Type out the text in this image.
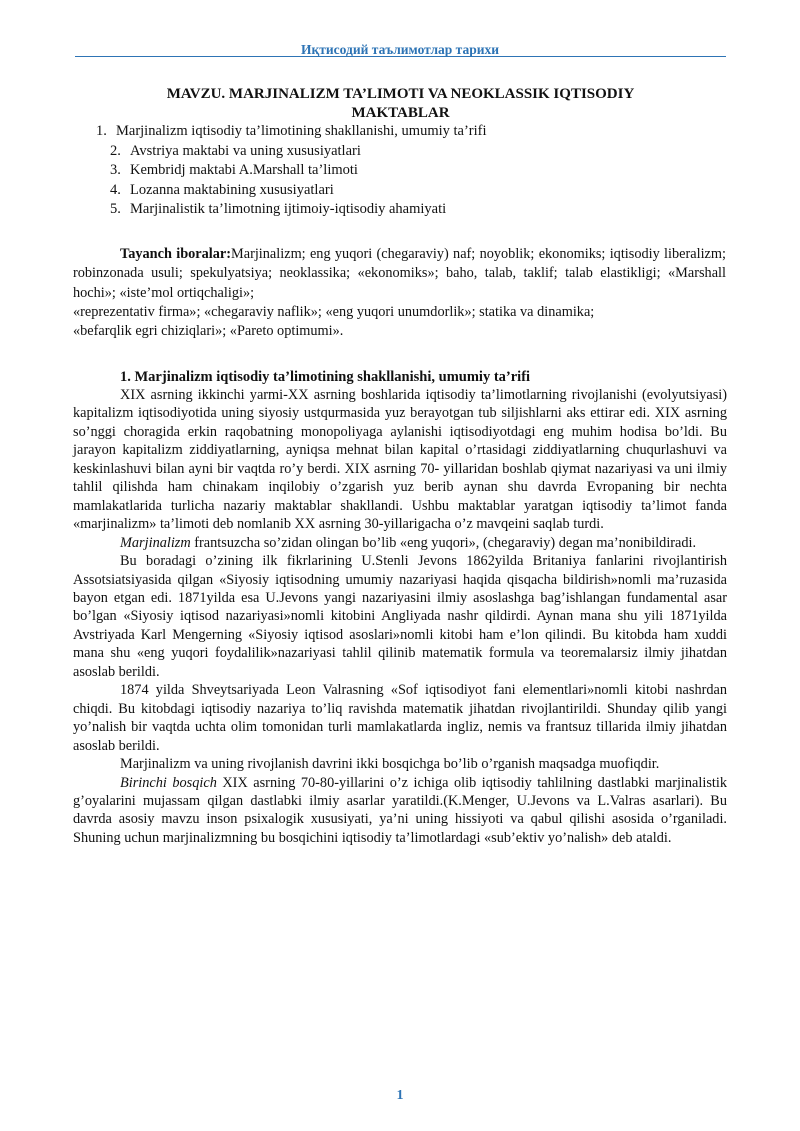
Иқтисодий таълимотлар тарихи
MAVZU. MARJINALIZM TA’LIMOTI VA NEOKLASSIK IQTISODIY
MAKTABLAR
1. Marjinalizm iqtisodiy ta’limotining shakllanishi, umumiy ta’rifi
2. Avstriya maktabi va uning xususiyatlari
3. Kembridj maktabi A.Marshall ta’limoti
4. Lozanna maktabining xususiyatlari
5. Marjinalistik ta’limotning ijtimoiy-iqtisodiy ahamiyati
Tayanch iboralar:Marjinalizm; eng yuqori (chegaraviy) naf; noyoblik; ekonomiks; iqtisodiy liberalizm; robinzonada usuli; spekulyatsiya; neoklassika; «ekonomiks»; baho, talab, taklif; talab elastikligi; «Marshall hochi»; «iste’mol ortiqchaligi»;
«reprezentativ firma»; «chegaraviy naflik»; «eng yuqori unumdorlik»; statika va dinamika;
«befarqlik egri chiziqlari»; «Pareto optimumi».
1. Marjinalizm iqtisodiy ta’limotining shakllanishi, umumiy ta’rifi

XIX asrning ikkinchi yarmi-XX asrning boshlarida iqtisodiy ta’limotlarning rivojlanishi (evolyutsiyasi) kapitalizm iqtisodiyotida uning siyosiy ustqurmasida yuz berayotgan tub siljishlarni aks ettirar edi. XIX asrning so’nggi choragida erkin raqobatning monopoliyaga aylanishi iqtisodiyotdagi eng muhim hodisa bo’ldi. Bu jarayon kapitalizm ziddiyatlarning, ayniqsa mehnat bilan kapital o’rtasidagi ziddiyatlarning chuqurlashuvi va keskinlashuvi bilan ayni bir vaqtda ro’y berdi. XIX asrning 70- yillaridan boshlab qiymat nazariyasi va uni ilmiy tahlil qilishda ham chinakam inqilobiy o’zgarish yuz berib aynan shu davrda Evropaning bir nechta mamlakatlarida turlicha nazariy maktablar shakllandi. Ushbu maktablar yaratgan iqtisodiy ta’limot fanda «marjinalizm» ta’limoti deb nomlanib XX asrning 30-yillarigacha o’z mavqeini saqlab turdi.

Marjinalizm frantsuzcha so’zidan olingan bo’lib «eng yuqori», (chegaraviy) degan ma’nonibildiradi.

Bu boradagi o’zining ilk fikrlarining U.Stenli Jevons 1862yilda Britaniya fanlarini rivojlantirish Assotsiatsiyasida qilgan «Siyosiy iqtisodning umumiy nazariyasi haqida qisqacha bildirish»nomli ma’ruzasida bayon etgan edi. 1871yilda esa U.Jevons yangi nazariyasini ilmiy asoslashga bag’ishlangan fundamental asar bo’lgan «Siyosiy iqtisod nazariyasi»nomli kitobini Angliyada nashr qildirdi. Aynan mana shu yili 1871yilda Avstriyada Karl Mengerning «Siyosiy iqtisod asoslari»nomli kitobi ham e’lon qilindi. Bu kitobda ham xuddi mana shu «eng yuqori foydalilik»nazariyasi tahlil qilinib matematik formula va teoremalarsiz ilmiy jihatdan asoslab berildi.

1874 yilda Shveytsariyada Leon Valrasning «Sof iqtisodiyot fani elementlari»nomli kitobi nashrdan chiqdi. Bu kitobdagi iqtisodiy nazariya to’liq ravishda matematik jihatdan rivojlantirildi. Shunday qilib yangi yo’nalish bir vaqtda uchta olim tomonidan turli mamlakatlarda ingliz, nemis va frantsuz tillarida ilmiy jihatdan asoslab berildi.

Marjinalizm va uning rivojlanish davrini ikki bosqichga bo’lib o’rganish maqsadga muofiqdir.

Birinchi bosqich XIX asrning 70-80-yillarini o’z ichiga olib iqtisodiy tahlilning dastlabki marjinalistik g’oyalarini mujassam qilgan dastlabki ilmiy asarlar yaratildi.(K.Menger, U.Jevons va L.Valras asarlari). Bu davrda asosiy mavzu inson psixalogik xususiyati, ya’ni uning hissiyoti va qabul qilishi asosida o’rganiladi. Shuning uchun marjinalizmning bu bosqichini iqtisodiy ta’limotlardagi «sub’ektiv yo’nalish» deb ataldi.

1
